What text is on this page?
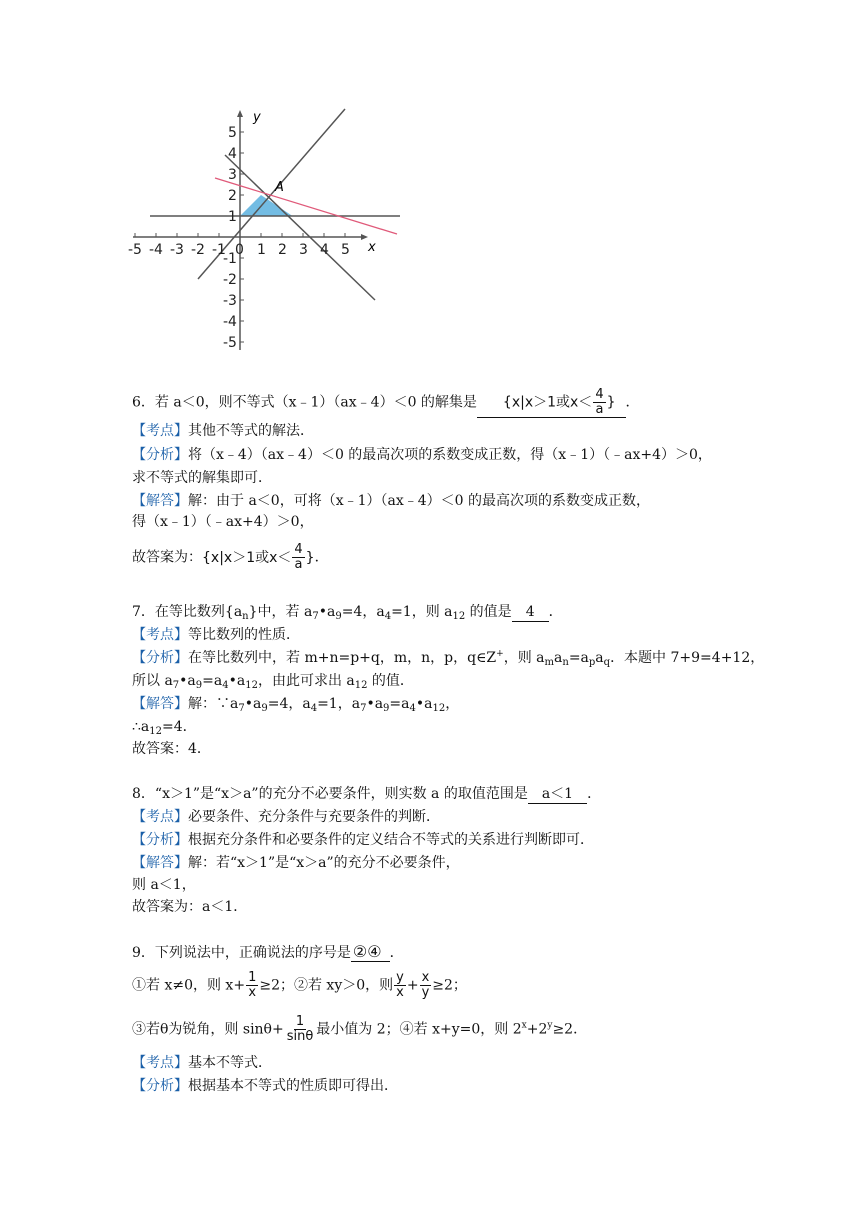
y
x
A
-5 -4 -3 -2 -1 0 1 2 3 4 5
5
4
3
2
1
-1
-2
-3
-4
-5
6．若 a＜0，则不等式（x﹣1）（ax﹣4）＜0 的解集是 {x|x＞1或$x< \frac{4}{a}$ } ．
【考点】其他不等式的解法．
【分析】将（x﹣4）（ax﹣4）＜0 的最高次项的系数变成正数，得（x﹣1）（﹣ax+4）＞0，
求不等式的解集即可．
【解答】解：由于 a＜0，可将（x﹣1）（ax﹣4）＜0 的最高次项的系数变成正数，
得（x﹣1）（﹣ax+4）＞0，
故答案为：{x|x＞1或$x< \frac{4}{a}$ }．
7．在等比数列$\{a_n\}$中，若 $a_7•a_9=4$，$a_4=1$，则 $a_{12}$ 的值是 4 ．
【考点】等比数列的性质．
【分析】在等比数列中，若 m+n=p+q，m，n，p，q∈Z+，则 $a_ma_n=a_pa_q$．本题中 7+9=4+12，
所以 $a_7•a_9=a_4•a_{12}$，由此可求出 $a_{12}$ 的值．
【解答】解：$\because a_7•a_9=4$，$a_4=1$，$a_7•a_9=a_4•a_{12}$，
$\therefore a_{12}=4$．
故答案：4．
8．“x＞1”是“x＞a”的充分不必要条件，则实数 a 的取值范围是 a＜1 ．
【考点】必要条件、充分条件与充要条件的判断．
【分析】根据充分条件和必要条件的定义结合不等式的关系进行判断即可．
【解答】解：若“x＞1”是“x＞a”的充分不必要条件，
则 a＜1，
故答案为：a＜1．
9．下列说法中，正确说法的序号是 ②④ ．
①若 x≠0，则 $x+ \frac{1}{x} \ge 2$；②若 xy＞0，则 $\frac{y}{x} + \frac{x}{y} \ge 2$；
③若θ为锐角，则 $\sin\theta+ \frac{1}{\sin\theta}$ 最小值为 2；④若 x+y=0，则 $2^x+2^y\ge 2$．
【考点】基本不等式．
【分析】根据基本不等式的性质即可得出．
